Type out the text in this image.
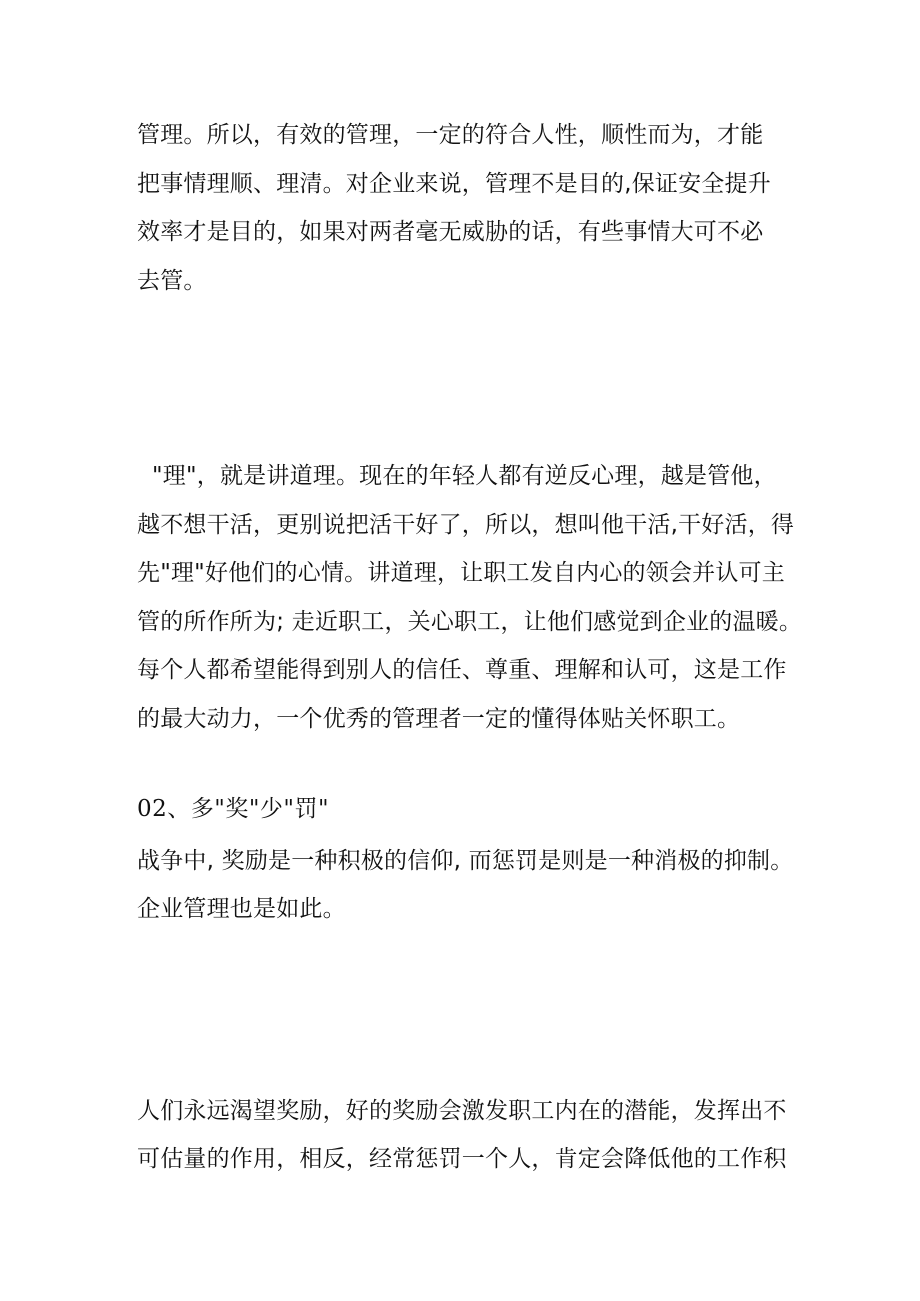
管理。所以，有效的管理，一定的符合人性，顺性而为，才能
把事情理顺、理清。对企业来说，管理不是目的,保证安全提升
效率才是目的，如果对两者毫无威胁的话，有些事情大可不必
去管。
"理"，就是讲道理。现在的年轻人都有逆反心理，越是管他，
越不想干活，更别说把活干好了，所以，想叫他干活,干好活，得
先"理"好他们的心情。讲道理，让职工发自内心的领会并认可主
管的所作所为; 走近职工，关心职工，让他们感觉到企业的温暖。
每个人都希望能得到别人的信任、尊重、理解和认可，这是工作
的最大动力，一个优秀的管理者一定的懂得体贴关怀职工。
02、多"奖"少"罚"
战争中, 奖励是一种积极的信仰, 而惩罚是则是一种消极的抑制。
企业管理也是如此。
人们永远渴望奖励，好的奖励会激发职工内在的潜能，发挥出不
可估量的作用，相反，经常惩罚一个人，肯定会降低他的工作积
